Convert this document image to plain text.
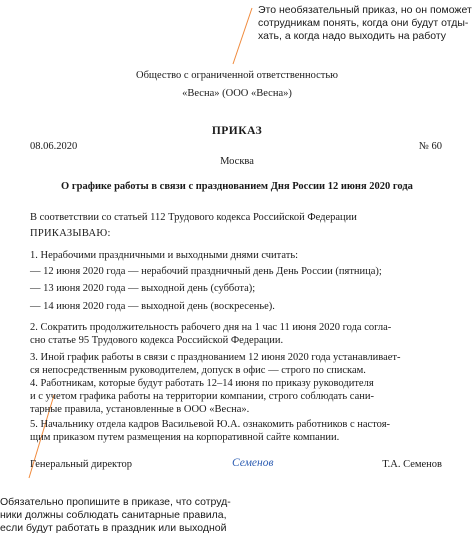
Это необязательный приказ, но он поможет
сотрудникам понять, когда они будут отды-
хать, а когда надо выходить на работу
Общество с ограниченной ответственностью
«Весна» (ООО «Весна»)
ПРИКАЗ
08.06.2020	№ 60
Москва
О графике работы в связи с празднованием Дня России 12 июня 2020 года
В соответствии со статьей 112 Трудового кодекса Российской Федерации
ПРИКАЗЫВАЮ:
1. Нерабочими праздничными и выходными днями считать:
— 12 июня 2020 года — нерабочий праздничный день День России (пятница);
— 13 июня 2020 года — выходной день (суббота);
— 14 июня 2020 года — выходной день (воскресенье).
2. Сократить продолжительность рабочего дня на 1 час 11 июня 2020 года согла-
сно статье 95 Трудового кодекса Российской Федерации.
3. Иной график работы в связи с празднованием 12 июня 2020 года устанавливает-
ся непосредственным руководителем, допуск в офис — строго по спискам.
4. Работникам, которые будут работать 12–14 июня по приказу руководителя
и с учетом графика работы на территории компании, строго соблюдать сани-
тарные правила, установленные в ООО «Весна».
5. Начальнику отдела кадров Васильевой Ю.А. ознакомить работников с настоя-
щим приказом путем размещения на корпоративной сайте компании.
Генеральный директор	Семенов	Т.А. Семенов
Обязательно пропишите в приказе, что сотруд-
ники должны соблюдать санитарные правила,
если будут работать в праздник или выходной
